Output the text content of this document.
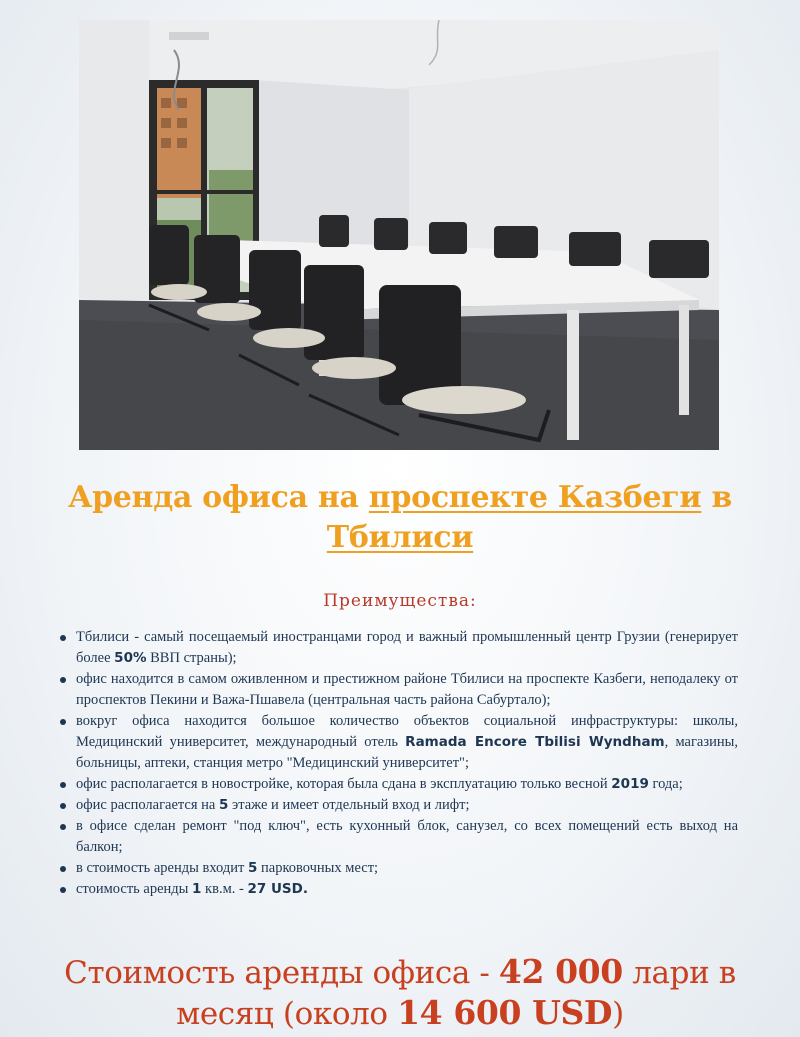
Аренда офиса на проспекте Казбеги в Тбилиси
Преимущества:
Тбилиси - самый посещаемый иностранцами город и важный промышленный центр Грузии (генерирует более 50% ВВП страны);
офис находится в самом оживленном и престижном районе Тбилиси на проспекте Казбеги, неподалеку от проспектов Пекини и Важа-Пшавела (центральная часть района Сабуртало);
вокруг офиса находится большое количество объектов социальной инфраструктуры: школы, Медицинский университет, международный отель Ramada Encore Tbilisi Wyndham, магазины, больницы, аптеки, станция метро "Медицинский университет";
офис располагается в новостройке, которая была сдана в эксплуатацию только весной 2019 года;
офис располагается на 5 этаже и имеет отдельный вход и лифт;
в офисе сделан ремонт "под ключ", есть кухонный блок, санузел, со всех помещений есть выход на балкон;
в стоимость аренды входит 5 парковочных мест;
стоимость аренды 1 кв.м. - 27 USD.

Стоимость аренды офиса - 42 000 лари в месяц (около 14 600 USD)
